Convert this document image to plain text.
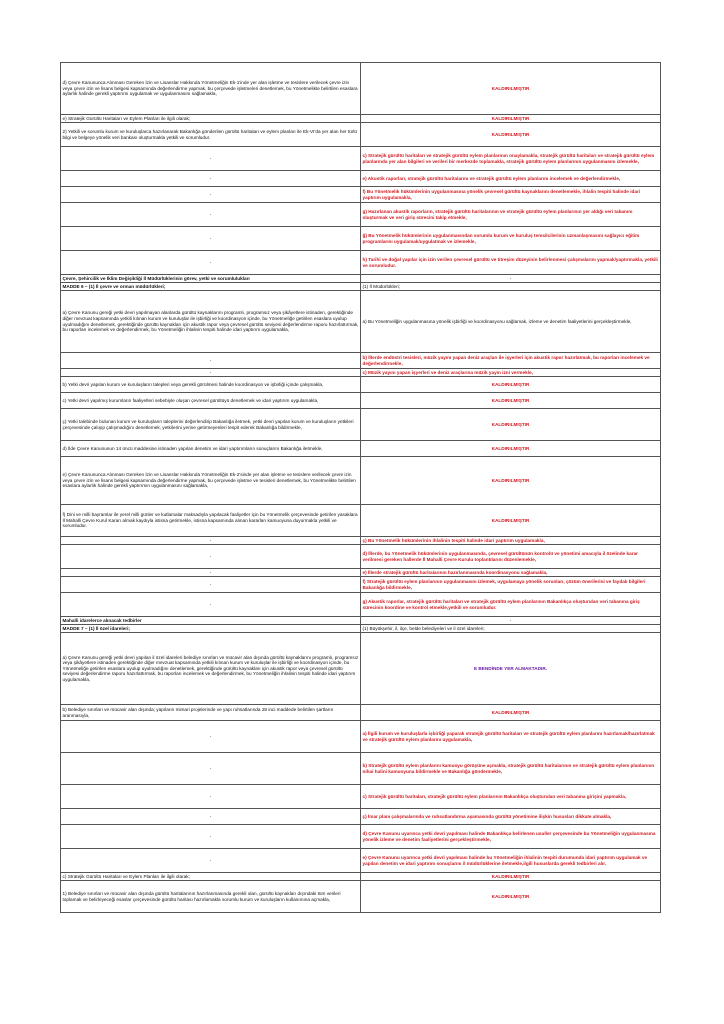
d) Çevre Kanununca Alınması Gereken İzin ve Lisanslar Hakkında Yönetmeliğin Ek-1'inde yer alan işletme ve tesislere verilecek çevre izin veya çevre izin ve lisans belgesi kapsamında değerlendirme yapmak, bu çerçevede işletmeleri denetlemek, bu Yönetmelikte belirtilen esaslara aylarlık halinde gerekli yaptırımı uygulamak ve uygulanmasını sağlamakla,	KALDIRILMIŞTIR
e) Stratejik Gürültü Haritaları ve Eylem Planları ile ilgili olarak;	KALDIRILMIŞTIR
2) Yetkili ve sorumlu kurum ve kuruluşlarca hazırlanarak Bakanlığa gönderilen gürültü haritaları ve eylem planları ile Ek-VI'da yer alan her türlü bilgi ve belgeye yönelik veri bankası oluşturmakla yetkili ve sorumludur.	KALDIRILMIŞTIR
-	c) Stratejik gürültü haritaları ve stratejik gürültü eylem planlarının onaylamakla, stratejik gürültü haritaları ve stratejik gürültü eylem planlarında yer alan bilgileri ve verileri bir merkezde toplamakla, stratejik gürültü eylem planlarının uygulanmasını izlemekle,
-	e) Akustik raporları, stratejik gürültü haritalarını ve stratejik gürültü eylem planlarını incelemek ve değerlendirmekle,
-	f) Bu Yönetmelik hükümlerinin uygulanmasına yönelik çevresel gürültü kaynaklarını denetlemekle, ihlalin tespiti halinde idari yaptırım uygulamakla,
-	g) Hazırlanan akustik raporların, stratejik gürültü haritalarının ve stratejik gürültü eylem planlarının yer aldığı veri tabanını oluşturmak ve veri giriş sürecini takip etmekle,
-	ğ) Bu Yönetmelik hükümlerinin uygulanmasından sorumlu kurum ve kuruluş temsilcilerinin uzmanlaşmasını sağlayıcı eğitim programlarını uygulamak/uygulatmak ve izlemekle,
-	h) Tarihi ve doğal yapılar için izin verilen çevresel gürültü ve titreşim düzeyinin belirlenmesi çalışmalarını yapmak/yaptırmakla, yetkili ve sorumludur.
Çevre, Şehircilik ve İklim Değişikliği İl Müdürlüklerinin görev, yetki ve sorumlulukları	-
MADDE 6 – (1) İl çevre ve orman müdürlükleri;	(1) İl Müdürlükleri;
a) Çevre Kanunu gereği yetki devri yapılmayan alanlarda gürültü kaynaklarını programlı, programsız veya şikâyetlere istinaden, gerektiğinde diğer mevzuat kapsamında yetkili kılınan kurum ve kuruluşlar ile işbirliği ve koordinasyon içinde, bu Yönetmeliğe getirilen esaslara uyulup uyulmadığını denetlemek, gerektiğinde gürültü kaynakları için akustik rapor veya çevresel gürültü seviyesi değerlendirme raporu hazırlattırmak, bu raporları incelemek ve değerlendirmek, bu Yönetmeliğin ihlalinin tespiti halinde idari yaptırım uygulamakla,	a) Bu Yönetmeliğin uygulanmasına yönelik işbirliği ve koordinasyonu sağlamak, izleme ve denetim faaliyetlerini gerçekleştirmekle,
-	b) İllerde endüstri tesisleri, müzik yayını yapan deniz araçları ile işyerleri için akustik rapor hazırlatmak, bu raporları incelemek ve değerlendirmekle,
-	c) Müzik yayını yapan işyerleri ve deniz araçlarına müzik yayın izni vermekle,
b) Yetki devri yapılan kurum ve kuruluşların talepleri veya gerekli görülmesi halinde koordinasyon ve işbirliği içinde çalışmakla,	KALDIRILMIŞTIR
c) Yetki devri yapılmış kurumların faaliyetleri sebebiyle oluşan çevresel gürültüyü denetlemek ve idari yaptırım uygulamakla,	KALDIRILMIŞTIR
ç) Yetki talebinde bulunan kurum ve kuruluşların taleplerini değerlendirip Bakanlığa iletmek, yetki devri yapılan kurum ve kuruluşların yetkileri çerçevesinde çalışıp çalışmadığını denetlemek, yetkilerini yerine getirmeyenleri tespit ederek Bakanlığa bildirmekle,	KALDIRILMIŞTIR
d) İlde Çevre Kanununun 14 üncü maddesine istinaden yapılan denetim ve idari yaptırımların sonuçlarını Bakanlığa iletmekle,	KALDIRILMIŞTIR
e) Çevre Kanununca Alınması Gereken İzin ve Lisanslar Hakkında Yönetmeliğin Ek-2'sinde yer alan işletme ve tesislere verilecek çevre izin veya çevre izin ve lisans belgesi kapsamında değerlendirme yapmak, bu çerçevede işletme ve tesisleri denetlemek, bu Yönetmelikte belirtilen esaslara aylarlık halinde gerekli yaptırımın uygulanmasını sağlamakla,	KALDIRILMIŞTIR
f) Dini ve milli bayramlar ile yerel milli günler ve kutlamalar maksadıyla yapılacak faaliyetler için bu Yönetmelik çerçevesinde getirilen yasaklara İl Mahalli Çevre Kurul Kararı almak kaydıyla istisna getirmekle, istisna kapsamında alınan kararları kamuoyuna duyurmakla yetkili ve sorumludur.	KALDIRILMIŞTIR
-	ç) Bu Yönetmelik hükümlerinin ihlalinin tespiti halinde idari yaptırım uygulamakla,
-	d) İllerde, bu Yönetmelik hükümlerinin uygulanmasında, çevresel gürültünün kontrolü ve yönetimi amacıyla il özelinde karar verilmesi gereken hallerde İl Mahalli Çevre Kurulu toplantılarını düzenlemekle,
-	e) İllerde stratejik gürültü haritalarının hazırlanmasında koordinasyonu sağlamakla,
-	f) Stratejik gürültü eylem planlarının uygulanmasını izlemek, uygulamaya yönelik sorunları, çözüm önerilerini ve faydalı bilgileri Bakanlığa bildirmekle,
-	g) Akustik raporlar, stratejik gürültü haritaları ve stratejik gürültü eylem planlarının Bakanlıkça oluşturulan veri tabanına giriş sürecinin koordine ve kontrol etmekle,yetkili ve sorumludur.
Mahalli idarelerce alınacak tedbirler	-
MADDE 7 – (1) İl özel idareleri;	(1) Büyükşehir, il, ilçe, belde belediyeleri ve il özel idareleri;
a) Çevre Kanunu gereği yetki devri yapılan il özel idareleri belediye sınırları ve mücavir alan dışında gürültü kaynaklarını programlı, programsız veya şikâyetlere istinaden gerektiğinde diğer mevzuat kapsamında yetkili kılınan kurum ve kuruluşlar ile işbirliği ve koordinasyon içinde, bu Yönetmeliğe getirilen esaslara uyulup uyulmadığını denetlemek, gerektiğinde gürültü kaynakları için akustik rapor veya çevresel gürültü seviyesi değerlendirme raporu hazırlattırmak, bu raporları incelemek ve değerlendirmek, bu Yönetmeliğin ihlalinin tespiti halinde idari yaptırım uygulamakla,	E BENDİNDE YER ALMAKTADIR.
b) Belediye sınırları ve mücavir alan dışında; yapıların mimari projelerinde ve yapı ruhsatlarında 28 inci maddede belirtilen şartların aranmasıyla,	KALDIRILMIŞTIR
-	a) İlgili kurum ve kuruluşlarla işbirliği yaparak stratejik gürültü haritaları ve stratejik gürültü eylem planlarını hazırlamak/hazırlatmak ve stratejik gürültü eylem planlarını uygulamakla,
-	b) Stratejik gürültü eylem planlarını kamuoyu görüşüne açmakla, stratejik gürültü haritalarının ve stratejik gürültü eylem planlarının nihai halini kamuoyuna bildirmekle ve Bakanlığa göndermekle,
-	c) Stratejik gürültü haritaları, stratejik gürültü eylem planlarının Bakanlıkça oluşturulan veri tabanına girişini yapmakla,
-	ç) İmar planı çalışmalarında ve ruhsatlandırma aşamasında gürültü yönetimine ilişkin hususları dikkate almakla,
-	d) Çevre Kanunu uyarınca yetki devri yapılması halinde Bakanlıkça belirlenen usuller çerçevesinde bu Yönetmeliğin uygulanmasına yönelik izleme ve denetim faaliyetlerini gerçekleştirmekle,
-	e) Çevre Kanunu uyarınca yetki devri yapılması halinde bu Yönetmeliğin ihlalinin tespiti durumunda idari yaptırım uygulamak ve yapılan denetim ve idari yaptırım sonuçlarını il müdürlüklerine iletmekle,ilgili hususlarda gerekli tedbirleri alır.
c) Stratejik Gürültü Haritaları ve Eylem Planları ile ilgili olarak;	KALDIRILMIŞTIR
1) Belediye sınırları ve mücavir alan dışında gürültü haritalarının hazırlanmasında gerekli olan, gürültü kaynakları dışındaki tüm verileri toplamak ve belirleyeceği esaslar çerçevesinde gürültü haritası hazırlamakla sorumlu kurum ve kuruluşların kullanımına açmakla,	KALDIRILMIŞTIR
